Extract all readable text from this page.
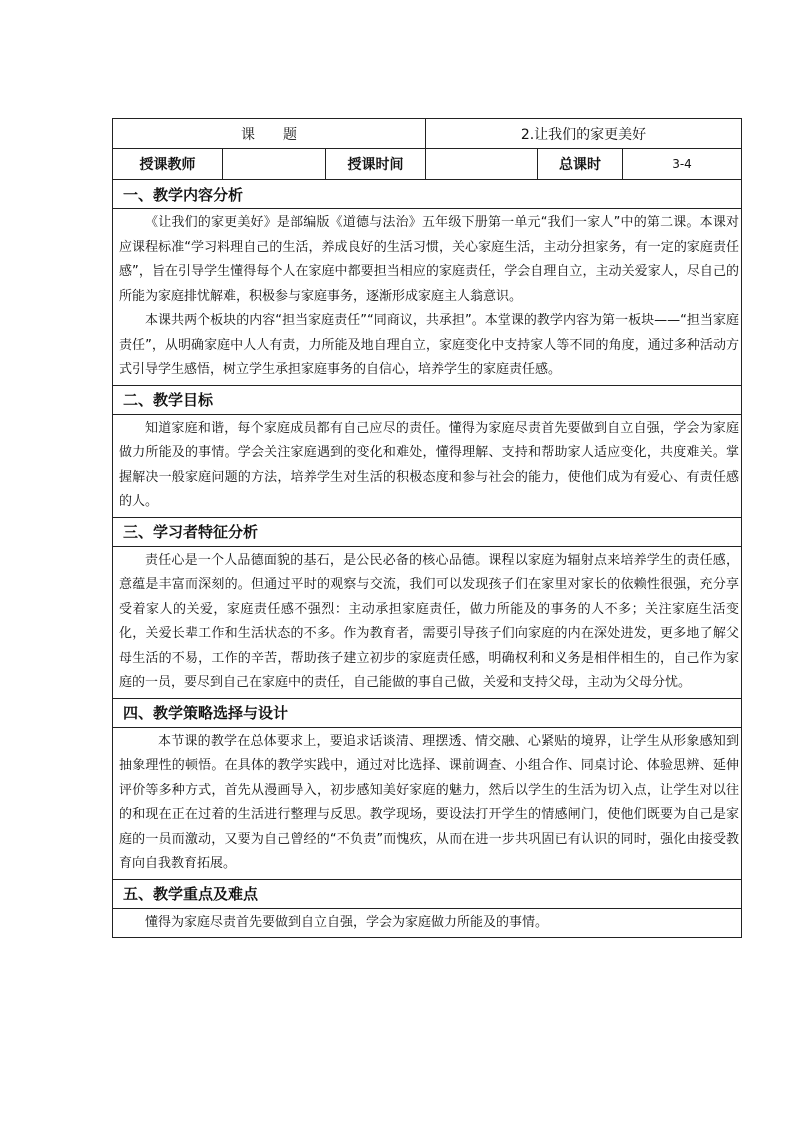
课　　题			2.让我们的家更美好		
授课教师		授课时间		总课时	3-4
一、教学内容分析					

《让我们的家更美好》是部编版《道德与法治》五年级下册第一单元“我们一家人”中的第二课。本课对应课程标准“学习料理自己的生活，养成良好的生活习惯，关心家庭生活，主动分担家务，有一定的家庭责任感”，旨在引导学生懂得每个人在家庭中都要担当相应的家庭责任，学会自理自立，主动关爱家人，尽自己的所能为家庭排忧解难，积极参与家庭事务，逐渐形成家庭主人翁意识。

本课共两个板块的内容“担当家庭责任”“同商议，共承担”。本堂课的教学内容为第一板块——“担当家庭责任”，从明确家庭中人人有责，力所能及地自理自立，家庭变化中支持家人等不同的角度，通过多种活动方式引导学生感悟，树立学生承担家庭事务的自信心，培养学生的家庭责任感。					

二、教学目标					

知道家庭和谐，每个家庭成员都有自己应尽的责任。懂得为家庭尽责首先要做到自立自强，学会为家庭做力所能及的事情。学会关注家庭遇到的变化和难处，懂得理解、支持和帮助家人适应变化，共度难关。掌握解决一般家庭问题的方法，培养学生对生活的积极态度和参与社会的能力，使他们成为有爱心、有责任感的人。					

三、学习者特征分析					

责任心是一个人品德面貌的基石，是公民必备的核心品德。课程以家庭为辐射点来培养学生的责任感，意蕴是丰富而深刻的。但通过平时的观察与交流，我们可以发现孩子们在家里对家长的依赖性很强，充分享受着家人的关爱，家庭责任感不强烈：主动承担家庭责任，做力所能及的事务的人不多；关注家庭生活变化，关爱长辈工作和生活状态的不多。作为教育者，需要引导孩子们向家庭的内在深处进发，更多地了解父母生活的不易，工作的辛苦，帮助孩子建立初步的家庭责任感，明确权利和义务是相伴相生的，自己作为家庭的一员，要尽到自己在家庭中的责任，自己能做的事自己做，关爱和支持父母，主动为父母分忧。					

四、教学策略选择与设计					

本节课的教学在总体要求上，要追求话谈清、理摆透、情交融、心紧贴的境界，让学生从形象感知到抽象理性的顿悟。在具体的教学实践中，通过对比选择、课前调查、小组合作、同桌讨论、体验思辨、延伸评价等多种方式，首先从漫画导入，初步感知美好家庭的魅力，然后以学生的生活为切入点，让学生对以往的和现在正在过着的生活进行整理与反思。教学现场，要设法打开学生的情感闸门，使他们既要为自己是家庭的一员而激动，又要为自己曾经的“不负责”而愧疚，从而在进一步共巩固已有认识的同时，强化由接受教育向自我教育拓展。					

五、教学重点及难点					

懂得为家庭尽责首先要做到自立自强，学会为家庭做力所能及的事情。					
